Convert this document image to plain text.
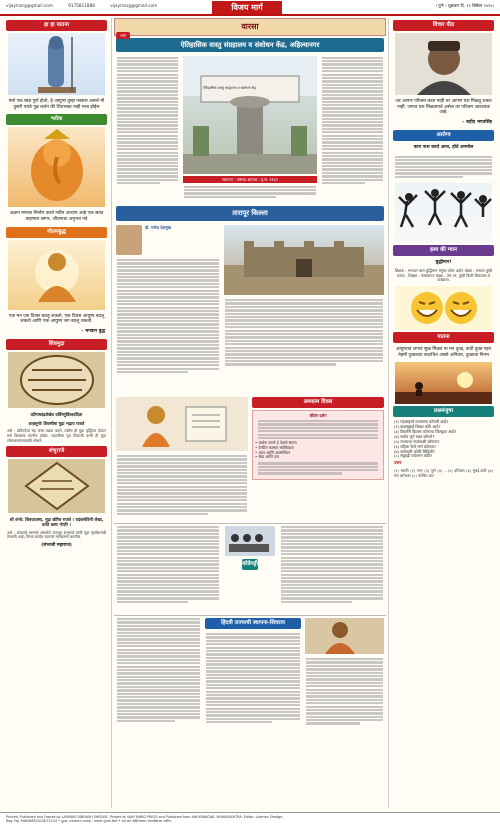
vijaymarg@gmail.com	9175811888	vijaymarg@gmail.com	विजय मार्ग	। पुणे । शुक्रवार दि. १२ डिसेंबर २०२५।
हा हा यातना
मंत्रो एक स्वप्न पूर्ण होतो, हे आयुष्य तुम्हा नवसार असले मी दुसरी पराठे पुन्न कर्तन की शिवभक्त नाही मला होईल
श्लोक
अज्ञान मनाला निर्माण करते नवीन अध्याय आहे एक सतत वाहणारा सागर, जीवनाचा अनुभव नवे
गोतमबुद्ध
एक मन एक दिवस बदलू शकतो, एक दिवस आयुष्य बदलू शकतो आणि एक आयुष्य जग बदलू शकतो.
– भगवान बुद्ध
शिवमुद्रा
प्रतिपच्चंद्रलेखेव वर्धिष्णुर्विश्ववंदिता
शाहसूनोः शिवस्यैषा मुद्रा भद्राय राजते
अर्थ : प्रतिपदेचा चंद्र जसा वाढत जातो, तशीच ही मुद्रा वृद्धिंगत होऊन सर्व विश्वाला वंदनीय होईल. शहाजीचा पुत्र शिवाजी याची ही मुद्रा लोककल्याणासाठी शोभते.
शंभुराजे
श्री शंभो: शिवजातस्य, मुद्रा द्योरिव राजते । यदंकसेविनी लेखा, वर्तते कस्य नोपरि ।
अर्थ : शंकराचे सामर्थ्य असलेले राजपुत्र शंभूराजे यांची मुद्रा सूर्यासारखी तेजस्वी आहे; तिच्या छायेत राहणारे मार्गक्रमण करतील.
(संभाजी महाराज)
वारसा
भाग
ऐतिहासिक वास्तु संग्रहालय व संशोधन केंद्र, अहिल्यानगर
ऐतिहासिक वास्तु संग्रहालय व संशोधन केंद्र
स्थापना : वास्तव आयाम : इ.स. १९६२
तारापूर किल्ला
डॉ. गणेश देशमुख
अध्यात्म दिवस
जीवन दर्शन
• प्रार्थना करणे हे देवाचे स्मरण
• दैनंदिन कामांत सात्त्विकता
• ध्यान आणि आत्मचिंतन
• सेवा आणि दान
कोडेपट्टी
हिंदवी राज्याची स्थापना-शिवराय
विचार पीठ
जर आपण परिश्रम करत नाही तर आपण यश मिळवू शकत नाही. जगात यश मिळवायचे असेल तर परिश्रम आवश्यक आहे.
– शहीद भगतसिंह
आरोग्य
काय नाश करते आज, होते अनमोल
हस्य की ग्यान
बुद्धीमान!
शिक्षक : भगवान बारा बुद्धिमान मनुष्य कोण आहे? बंड्या : मनाला तुम्ही करता.. शिक्षक : कसकाय? बंड्या : तेच तर, तुम्ही किती शिकलात ते दाखवता.
यातना
आयुष्यात जगावं सुख मिळतं ना मन दुःख, कधी दुःख गहन नेहमी दुःखाच्या कदाचित असते अनिवार, दुःखाचा नियम
प्रश्नमंजुषा
(१) महाराष्ट्राचे राजभाषा कोणती आहे?
(२) कळसूबाई शिखर कोठे आहे?
(३) शिवनेरी किल्ला कोणत्या जिल्ह्यात आहे?
(४) सर्वात जुने शहर कोणते?
(५) राज्याचा राज्यपक्षी कोणता?
(६) पहिला रेल्वे मार्ग कोणता?
(७) ज्ञानेश्वरी कोणी लिहिली?
(८) सह्याद्री पर्वतरांग कोठे?
उत्तर
(१) मराठी (२) नगर (३) पुणे (४) ...(५) हरियाल (६) मुंबई-ठाणे (७) संत ज्ञानेश्वर (८) पश्चिम घाट
Printed, Published and Owned by LAXMAN SUBHASH SHEDGE, Printed at VIJAY MARG PRESS and Published from AHILYANAGAR, MAHARASHTRA. Editor: Laxman Shedge.
Reg. No. MAHMAR/2016/71254 • मुद्रक, प्रकाशक व मालक : लक्ष्मण सुभाष शेडगे • सर्व वाद अहिल्यानगर न्यायक्षेत्राच्या अधीन.
